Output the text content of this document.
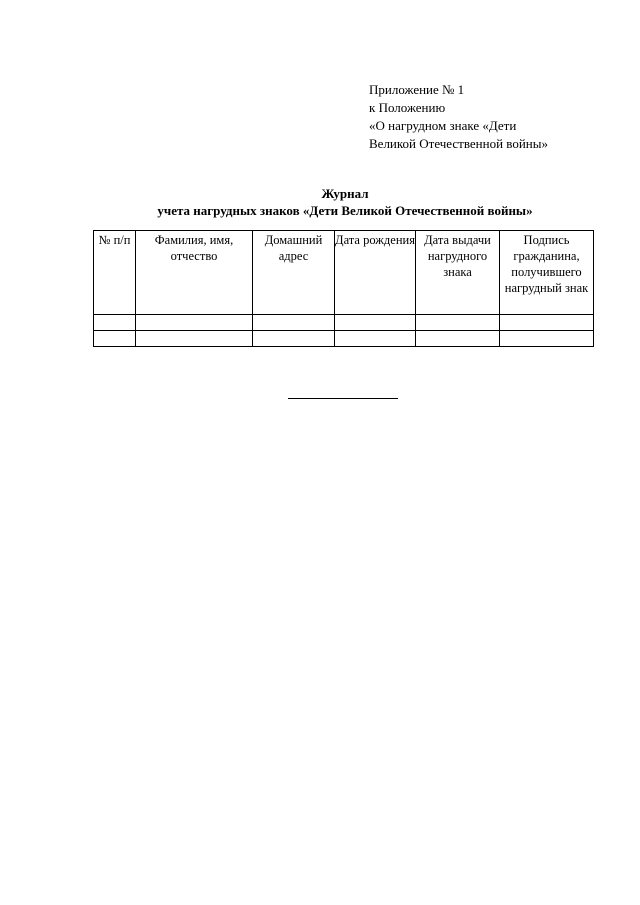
Приложение № 1
к Положению
«О нагрудном знаке «Дети
Великой Отечественной войны»
Журнал
учета нагрудных знаков «Дети Великой Отечественной войны»
№ п/п	Фамилия, имя, отчество	Домашний адрес	Дата рождения	Дата выдачи нагрудного знака	Подпись гражданина, получившего нагрудный знак
